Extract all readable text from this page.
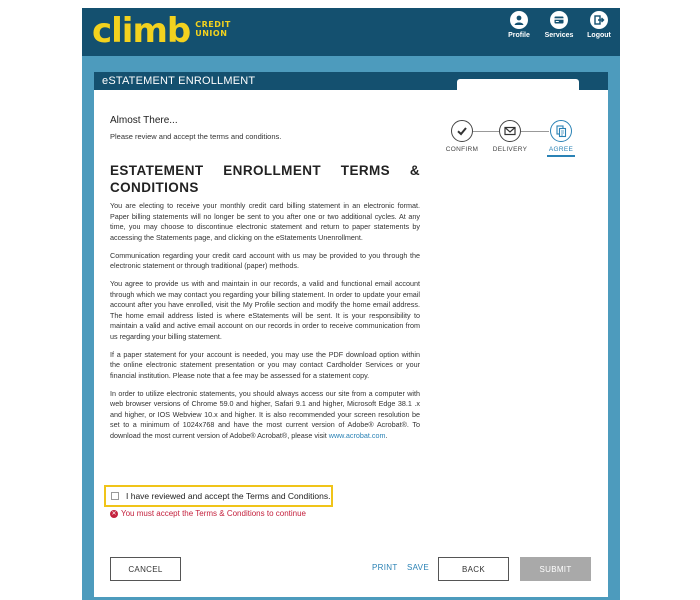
climb CREDIT
UNION	Profile Services Logout
eSTATEMENT ENROLLMENT
Almost There...
Please review and accept the terms and conditions.
CONFIRM DELIVERY	AGREE
ESTATEMENT ENROLLMENT TERMS &
CONDITIONS

You are electing to receive your monthly credit card billing statement in an electronic format. Paper billing statements will no longer be sent to you after one or two additional cycles. At any time, you may choose to discontinue electronic statement and return to paper statements by accessing the Statements page, and clicking on the eStatements Unenrollment.

Communication regarding your credit card account with us may be provided to you through the electronic statement or through traditional (paper) methods.

You agree to provide us with and maintain in our records, a valid and functional email account through which we may contact you regarding your billing statement. In order to update your email account after you have enrolled, visit the My Profile section and modify the home email address. The home email address listed is where eStatements will be sent. It is your responsibility to maintain a valid and active email account on our records in order to receive communication from us regarding your billing statement.

If a paper statement for your account is needed, you may use the PDF download option within the online electronic statement presentation or you may contact Cardholder Services or your financial institution. Please note that a fee may be assessed for a statement copy.

In order to utilize electronic statements, you should always access our site from a computer with web browser versions of Chrome 59.0 and higher, Safari 9.1 and higher, Microsoft Edge 38.1 .x and higher, or IOS Webview 10.x and higher. It is also recommended your screen resolution be set to a minimum of 1024x768 and have the most current version of Adobe® Acrobat®. To download the most current version of Adobe® Acrobat®, please visit www.acrobat.com.

I have reviewed and accept the Terms and Conditions.
✕ You must accept the Terms & Conditions to continue
CANCEL	PRINT SAVE	BACK	SUBMIT
